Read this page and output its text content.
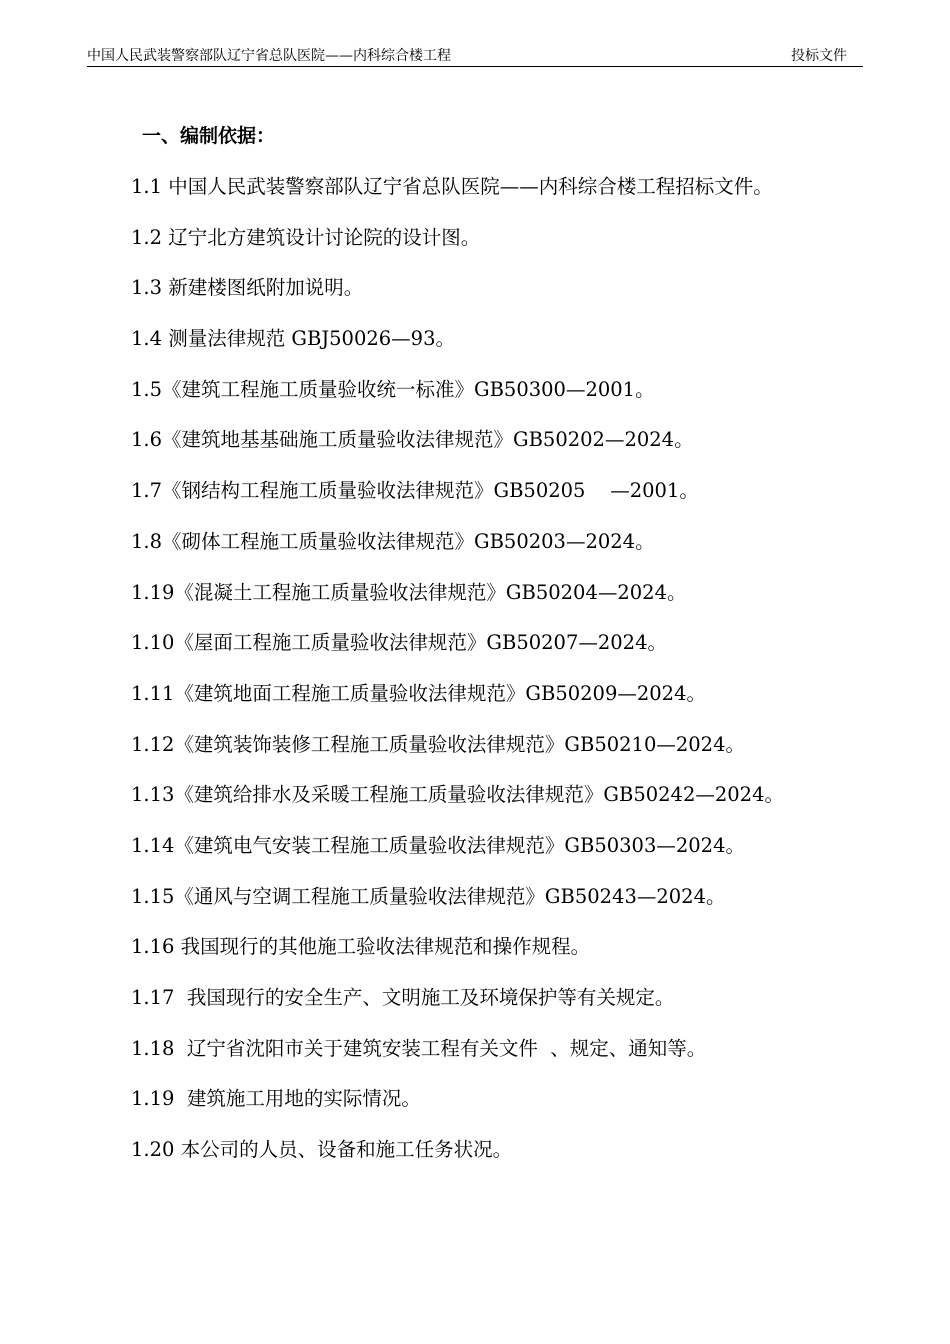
中国人民武装警察部队辽宁省总队医院——内科综合楼工程	投标文件
一、编制依据：
1.1 中国人民武装警察部队辽宁省总队医院——内科综合楼工程招标文件。
1.2 辽宁北方建筑设计讨论院的设计图。
1.3 新建楼图纸附加说明。
1.4 测量法律规范 GBJ50026—93。
1.5《建筑工程施工质量验收统一标准》GB50300—2001。
1.6《建筑地基基础施工质量验收法律规范》GB50202—2024。
1.7《钢结构工程施工质量验收法律规范》GB50205    —2001。
1.8《砌体工程施工质量验收法律规范》GB50203—2024。
1.19《混凝土工程施工质量验收法律规范》GB50204—2024。
1.10《屋面工程施工质量验收法律规范》GB50207—2024。
1.11《建筑地面工程施工质量验收法律规范》GB50209—2024。
1.12《建筑装饰装修工程施工质量验收法律规范》GB50210—2024。
1.13《建筑给排水及采暖工程施工质量验收法律规范》GB50242—2024。
1.14《建筑电气安装工程施工质量验收法律规范》GB50303—2024。
1.15《通风与空调工程施工质量验收法律规范》GB50243—2024。
1.16 我国现行的其他施工验收法律规范和操作规程。
1.17  我国现行的安全生产、文明施工及环境保护等有关规定。
1.18  辽宁省沈阳市关于建筑安装工程有关文件  、规定、通知等。
1.19  建筑施工用地的实际情况。
1.20 本公司的人员、设备和施工任务状况。
